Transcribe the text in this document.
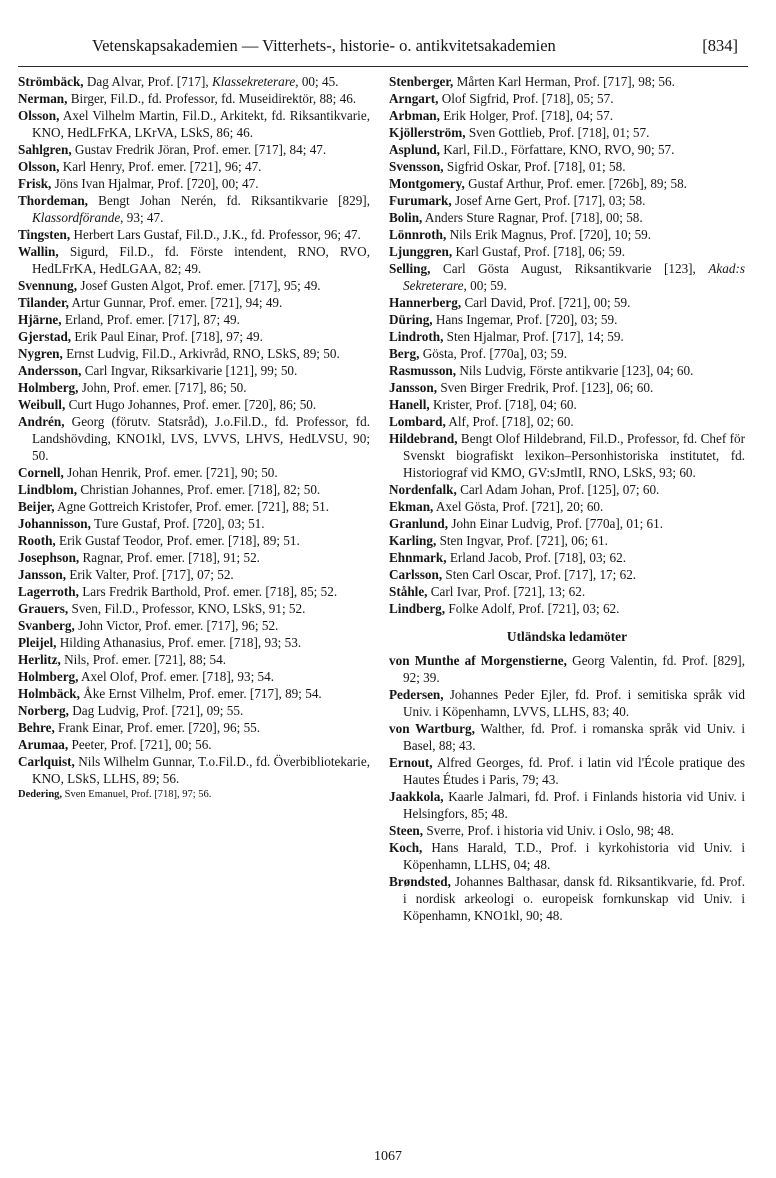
Vetenskapsakademien — Vitterhets-, historie- o. antikvitetsakademien	[834]

Strömbäck, Dag Alvar, Prof. [717], Klassekreterare, 00; 45.

Nerman, Birger, Fil.D., fd. Professor, fd. Museidirektör, 88; 46.

Olsson, Axel Vilhelm Martin, Fil.D., Arkitekt, fd. Riksantikvarie, KNO, HedLFrKA, LKrVA, LSkS, 86; 46.

Sahlgren, Gustav Fredrik Jöran, Prof. emer. [717], 84; 47.

Olsson, Karl Henry, Prof. emer. [721], 96; 47.

Frisk, Jöns Ivan Hjalmar, Prof. [720], 00; 47.

Thordeman, Bengt Johan Nerén, fd. Riksantikvarie [829], Klassordförande, 93; 47.

Tingsten, Herbert Lars Gustaf, Fil.D., J.K., fd. Professor, 96; 47.

Wallin, Sigurd, Fil.D., fd. Förste intendent, RNO, RVO, HedLFrKA, HedLGAA, 82; 49.

Svennung, Josef Gusten Algot, Prof. emer. [717], 95; 49.

Tilander, Artur Gunnar, Prof. emer. [721], 94; 49.

Hjärne, Erland, Prof. emer. [717], 87; 49.

Gjerstad, Erik Paul Einar, Prof. [718], 97; 49.

Nygren, Ernst Ludvig, Fil.D., Arkivråd, RNO, LSkS, 89; 50.

Andersson, Carl Ingvar, Riksarkivarie [121], 99; 50.

Holmberg, John, Prof. emer. [717], 86; 50.

Weibull, Curt Hugo Johannes, Prof. emer. [720], 86; 50.

Andrén, Georg (förutv. Statsråd), J.o.Fil.D., fd. Professor, fd. Landshövding, KNO1kl, LVS, LVVS, LHVS, HedLVSU, 90; 50.

Cornell, Johan Henrik, Prof. emer. [721], 90; 50.

Lindblom, Christian Johannes, Prof. emer. [718], 82; 50.

Beijer, Agne Gottreich Kristofer, Prof. emer. [721], 88; 51.

Johannisson, Ture Gustaf, Prof. [720], 03; 51.

Rooth, Erik Gustaf Teodor, Prof. emer. [718], 89; 51.

Josephson, Ragnar, Prof. emer. [718], 91; 52.

Jansson, Erik Valter, Prof. [717], 07; 52.

Lagerroth, Lars Fredrik Barthold, Prof. emer. [718], 85; 52.

Grauers, Sven, Fil.D., Professor, KNO, LSkS, 91; 52.

Svanberg, John Victor, Prof. emer. [717], 96; 52.

Pleijel, Hilding Athanasius, Prof. emer. [718], 93; 53.

Herlitz, Nils, Prof. emer. [721], 88; 54.

Holmberg, Axel Olof, Prof. emer. [718], 93; 54.

Holmbäck, Åke Ernst Vilhelm, Prof. emer. [717], 89; 54.

Norberg, Dag Ludvig, Prof. [721], 09; 55.

Behre, Frank Einar, Prof. emer. [720], 96; 55.

Arumaa, Peeter, Prof. [721], 00; 56.

Carlquist, Nils Wilhelm Gunnar, T.o.Fil.D., fd. Överbibliotekarie, KNO, LSkS, LLHS, 89; 56.

Dedering, Sven Emanuel, Prof. [718], 97; 56.

Stenberger, Mårten Karl Herman, Prof. [717], 98; 56.

Arngart, Olof Sigfrid, Prof. [718], 05; 57.

Arbman, Erik Holger, Prof. [718], 04; 57.

Kjöllerström, Sven Gottlieb, Prof. [718], 01; 57.

Asplund, Karl, Fil.D., Författare, KNO, RVO, 90; 57.

Svensson, Sigfrid Oskar, Prof. [718], 01; 58.

Montgomery, Gustaf Arthur, Prof. emer. [726b], 89; 58.

Furumark, Josef Arne Gert, Prof. [717], 03; 58.

Bolin, Anders Sture Ragnar, Prof. [718], 00; 58.

Lönnroth, Nils Erik Magnus, Prof. [720], 10; 59.

Ljunggren, Karl Gustaf, Prof. [718], 06; 59.

Selling, Carl Gösta August, Riksantikvarie [123], Akad:s Sekreterare, 00; 59.

Hannerberg, Carl David, Prof. [721], 00; 59.

Düring, Hans Ingemar, Prof. [720], 03; 59.

Lindroth, Sten Hjalmar, Prof. [717], 14; 59.

Berg, Gösta, Prof. [770a], 03; 59.

Rasmusson, Nils Ludvig, Förste antikvarie [123], 04; 60.

Jansson, Sven Birger Fredrik, Prof. [123], 06; 60.

Hanell, Krister, Prof. [718], 04; 60.

Lombard, Alf, Prof. [718], 02; 60.

Hildebrand, Bengt Olof Hildebrand, Fil.D., Professor, fd. Chef för Svenskt biografiskt lexikon–Personhistoriska institutet, fd. Historiograf vid KMO, GV:sJmtlI, RNO, LSkS, 93; 60.

Nordenfalk, Carl Adam Johan, Prof. [125], 07; 60.

Ekman, Axel Gösta, Prof. [721], 20; 60.

Granlund, John Einar Ludvig, Prof. [770a], 01; 61.

Karling, Sten Ingvar, Prof. [721], 06; 61.

Ehnmark, Erland Jacob, Prof. [718], 03; 62.

Carlsson, Sten Carl Oscar, Prof. [717], 17; 62.

Ståhle, Carl Ivar, Prof. [721], 13; 62.

Lindberg, Folke Adolf, Prof. [721], 03; 62.

Utländska ledamöter

von Munthe af Morgenstierne, Georg Valentin, fd. Prof. [829], 92; 39.

Pedersen, Johannes Peder Ejler, fd. Prof. i semitiska språk vid Univ. i Köpenhamn, LVVS, LLHS, 83; 40.

von Wartburg, Walther, fd. Prof. i romanska språk vid Univ. i Basel, 88; 43.

Ernout, Alfred Georges, fd. Prof. i latin vid l'École pratique des Hautes Études i Paris, 79; 43.

Jaakkola, Kaarle Jalmari, fd. Prof. i Finlands historia vid Univ. i Helsingfors, 85; 48.

Steen, Sverre, Prof. i historia vid Univ. i Oslo, 98; 48.

Koch, Hans Harald, T.D., Prof. i kyrkohistoria vid Univ. i Köpenhamn, LLHS, 04; 48.

Brøndsted, Johannes Balthasar, dansk fd. Riksantikvarie, fd. Prof. i nordisk arkeologi o. europeisk fornkunskap vid Univ. i Köpenhamn, KNO1kl, 90; 48.

1067
